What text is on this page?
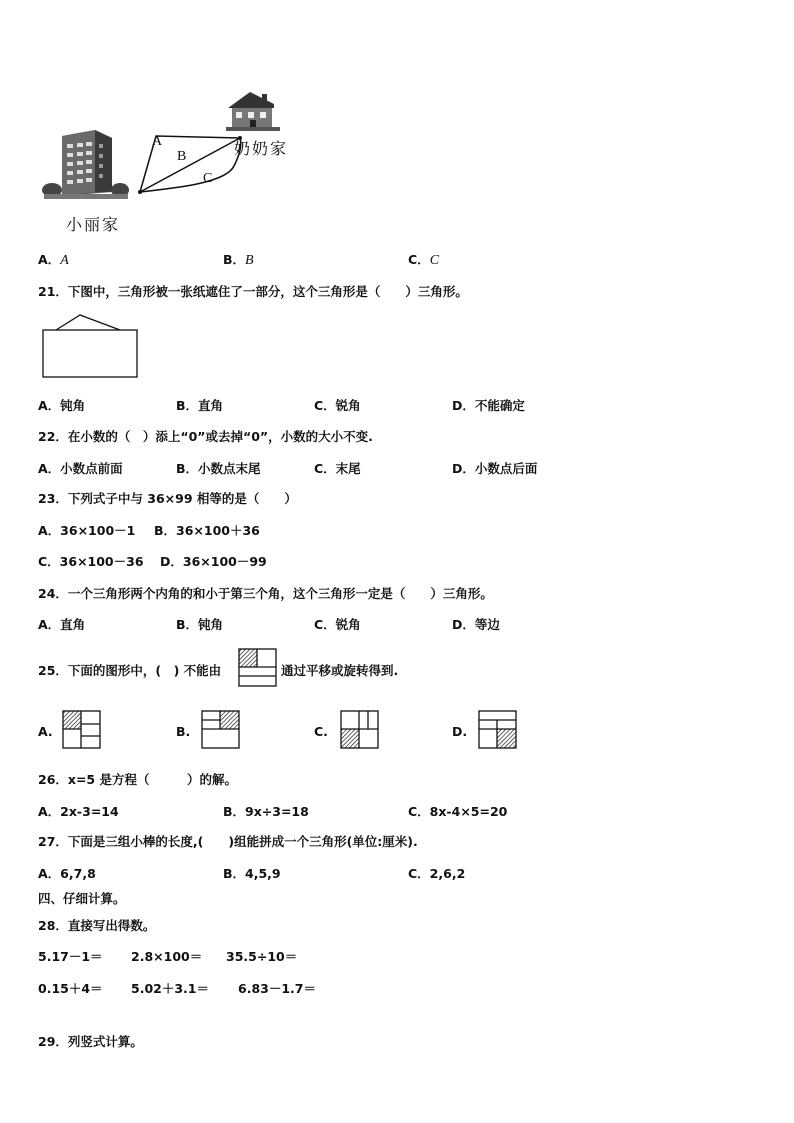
A
B
C
奶奶家
小丽家
A．A	B．B	C．C
21．下图中，三角形被一张纸遮住了一部分，这个三角形是（　　）三角形。
A．钝角	B．直角	C．锐角	D．不能确定
22．在小数的（　）添上“0”或去掉“0”，小数的大小不变.
A．小数点前面	B．小数点末尾	C．末尾	D．小数点后面
23．下列式子中与 36×99 相等的是（　　）
A．36×100－1 B．36×100＋36
C．36×100－36 D．36×100－99
24．一个三角形两个内角的和小于第三个角，这个三角形一定是（　　）三角形。
A．直角	B．钝角	C．锐角	D．等边
25．下面的图形中，(　) 不能由	通过平移或旋转得到.
A.	B.	C.	D.
26．x=5 是方程（　　　）的解。
A．2x-3=14	B．9x÷3=18	C．8x-4×5=20
27．下面是三组小棒的长度,(　　)组能拼成一个三角形(单位:厘米).
A．6,7,8	B．4,5,9	C．2,6,2
四、仔细计算。
28．直接写出得数。
5.17－1＝ 2.8×100＝ 35.5÷10＝
0.15＋4＝ 5.02＋3.1＝ 6.83－1.7＝
29．列竖式计算。
